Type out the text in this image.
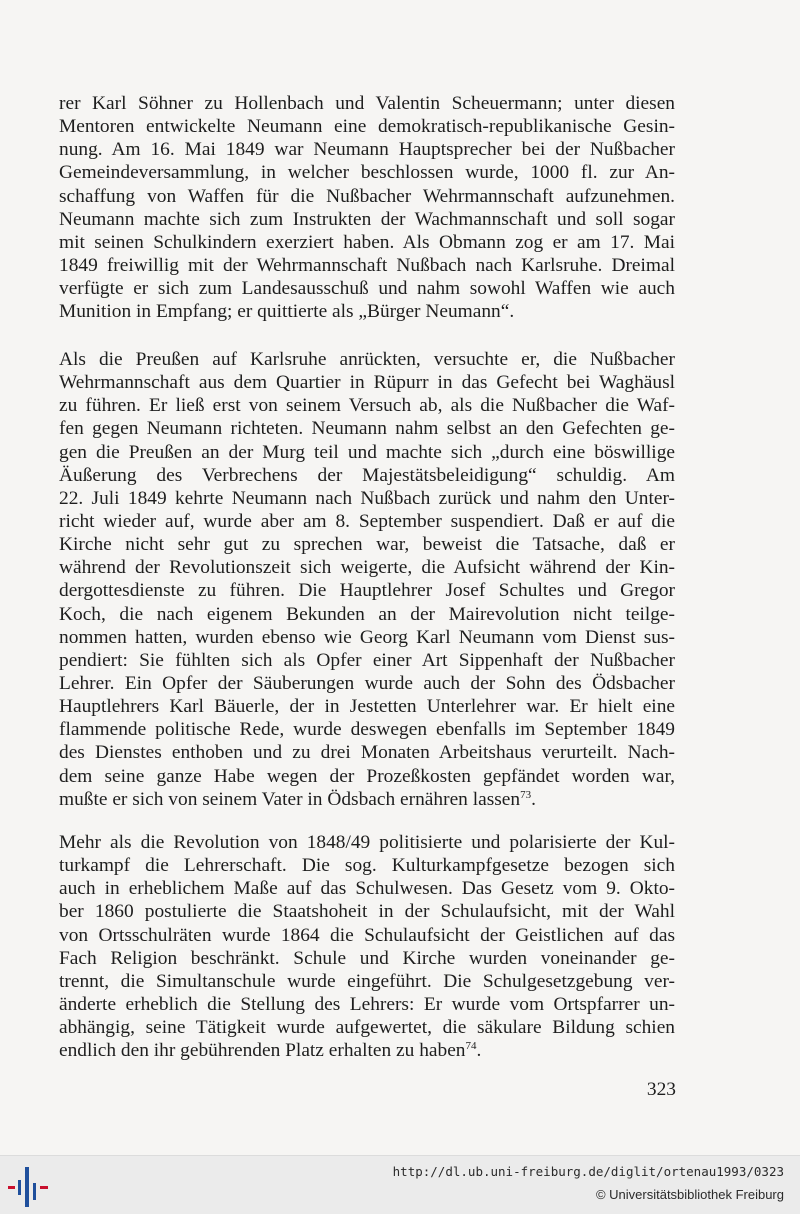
rer Karl Söhner zu Hollenbach und Valentin Scheuermann; unter diesen
Mentoren entwickelte Neumann eine demokratisch-republikanische Gesin-
nung. Am 16. Mai 1849 war Neumann Hauptsprecher bei der Nußbacher
Gemeindeversammlung, in welcher beschlossen wurde, 1000 fl. zur An-
schaffung von Waffen für die Nußbacher Wehrmannschaft aufzunehmen.
Neumann machte sich zum Instrukten der Wachmannschaft und soll sogar
mit seinen Schulkindern exerziert haben. Als Obmann zog er am 17. Mai
1849 freiwillig mit der Wehrmannschaft Nußbach nach Karlsruhe. Dreimal
verfügte er sich zum Landesausschuß und nahm sowohl Waffen wie auch
Munition in Empfang; er quittierte als „Bürger Neumann“.
Als die Preußen auf Karlsruhe anrückten, versuchte er, die Nußbacher
Wehrmannschaft aus dem Quartier in Rüpurr in das Gefecht bei Waghäusl
zu führen. Er ließ erst von seinem Versuch ab, als die Nußbacher die Waf-
fen gegen Neumann richteten. Neumann nahm selbst an den Gefechten ge-
gen die Preußen an der Murg teil und machte sich „durch eine böswillige
Äußerung des Verbrechens der Majestätsbeleidigung“ schuldig. Am
22. Juli 1849 kehrte Neumann nach Nußbach zurück und nahm den Unter-
richt wieder auf, wurde aber am 8. September suspendiert. Daß er auf die
Kirche nicht sehr gut zu sprechen war, beweist die Tatsache, daß er
während der Revolutionszeit sich weigerte, die Aufsicht während der Kin-
dergottesdienste zu führen. Die Hauptlehrer Josef Schultes und Gregor
Koch, die nach eigenem Bekunden an der Mairevolution nicht teilge-
nommen hatten, wurden ebenso wie Georg Karl Neumann vom Dienst sus-
pendiert: Sie fühlten sich als Opfer einer Art Sippenhaft der Nußbacher
Lehrer. Ein Opfer der Säuberungen wurde auch der Sohn des Ödsbacher
Hauptlehrers Karl Bäuerle, der in Jestetten Unterlehrer war. Er hielt eine
flammende politische Rede, wurde deswegen ebenfalls im September 1849
des Dienstes enthoben und zu drei Monaten Arbeitshaus verurteilt. Nach-
dem seine ganze Habe wegen der Prozeßkosten gepfändet worden war,
mußte er sich von seinem Vater in Ödsbach ernähren lassen$^{73}$.
Mehr als die Revolution von 1848/49 politisierte und polarisierte der Kul-
turkampf die Lehrerschaft. Die sog. Kulturkampfgesetze bezogen sich
auch in erheblichem Maße auf das Schulwesen. Das Gesetz vom 9. Okto-
ber 1860 postulierte die Staatshoheit in der Schulaufsicht, mit der Wahl
von Ortsschulräten wurde 1864 die Schulaufsicht der Geistlichen auf das
Fach Religion beschränkt. Schule und Kirche wurden voneinander ge-
trennt, die Simultanschule wurde eingeführt. Die Schulgesetzgebung ver-
änderte erheblich die Stellung des Lehrers: Er wurde vom Ortspfarrer un-
abhängig, seine Tätigkeit wurde aufgewertet, die säkulare Bildung schien
endlich den ihr gebührenden Platz erhalten zu haben$^{74}$.
323
http://dl.ub.uni-freiburg.de/diglit/ortenau1993/0323
© Universitätsbibliothek Freiburg
